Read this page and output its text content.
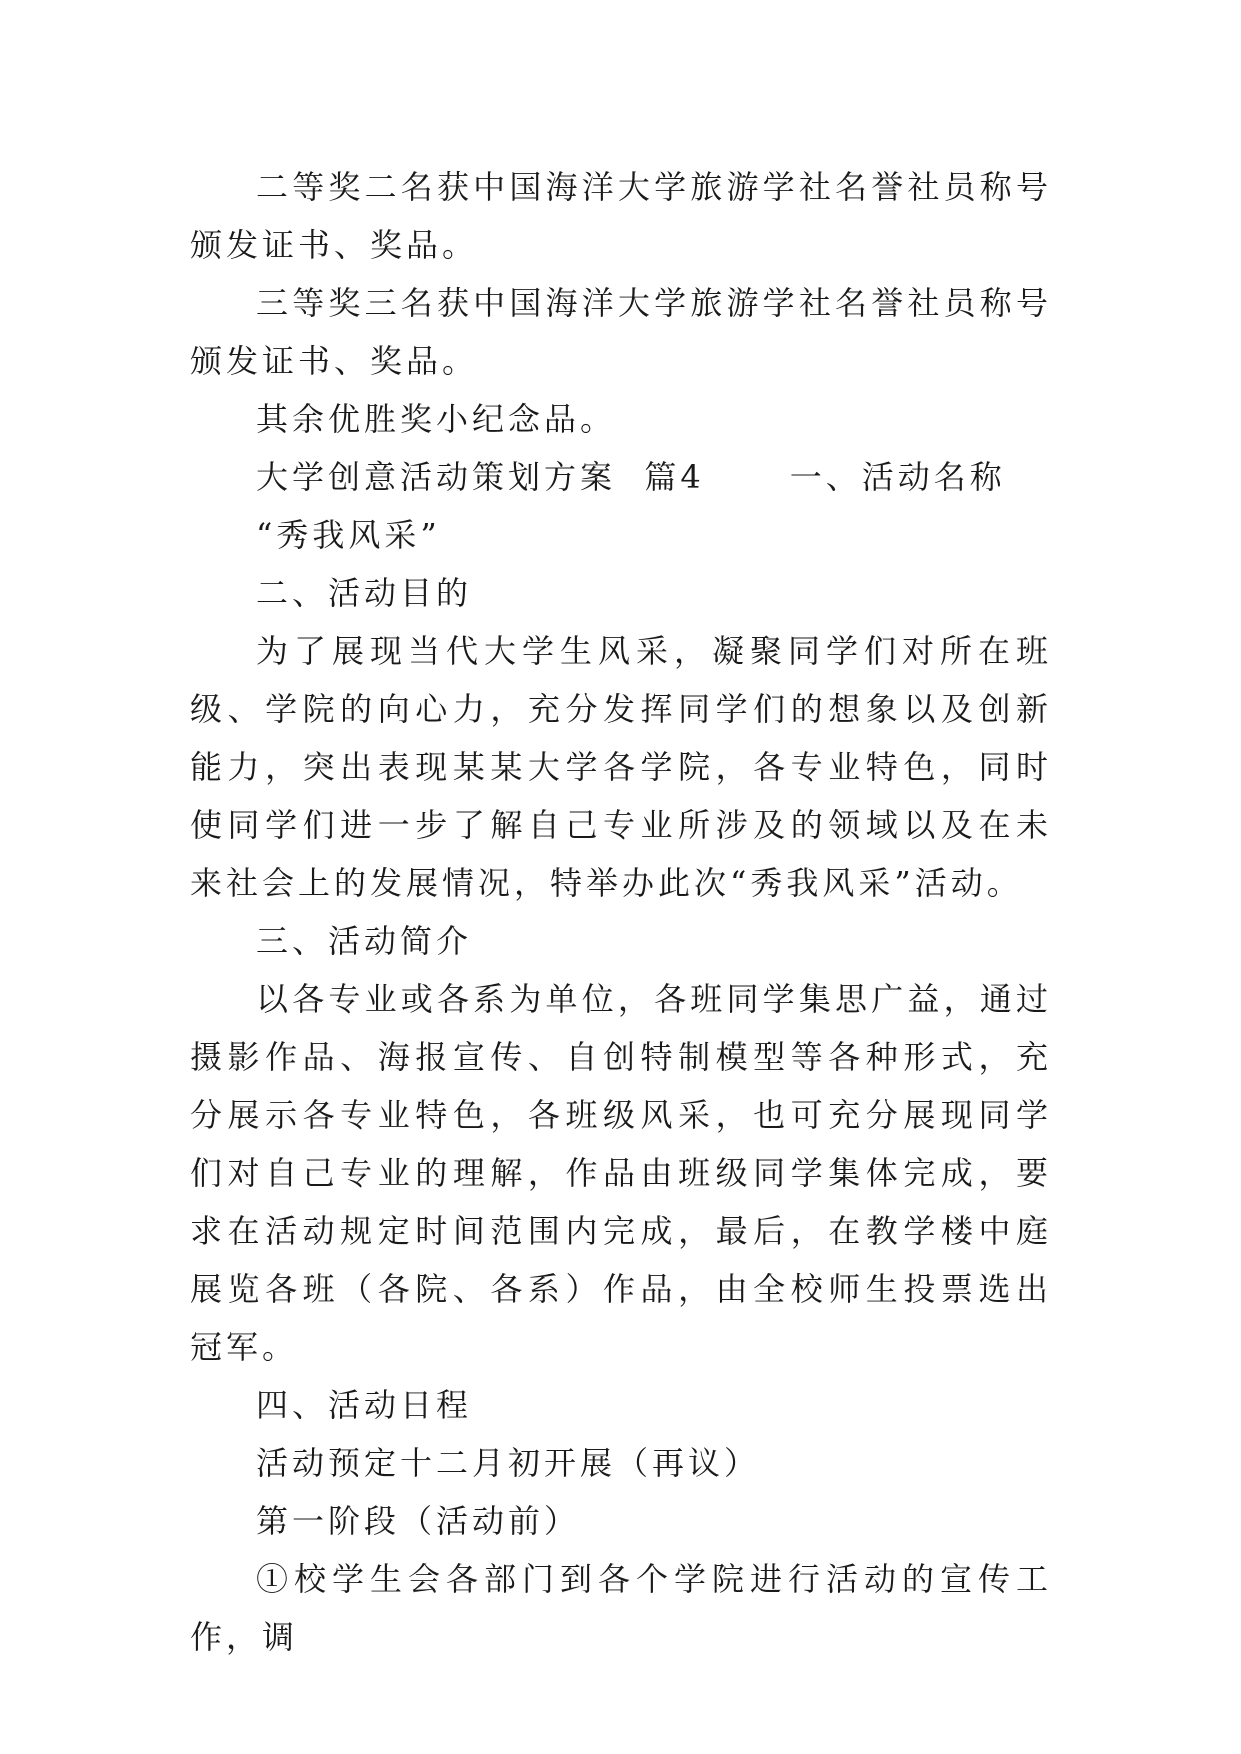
二等奖二名获中国海洋大学旅游学社名誉社员称号颁发证书、奖品。

三等奖三名获中国海洋大学旅游学社名誉社员称号颁发证书、奖品。

其余优胜奖小纪念品。

大学创意活动策划方案  篇4      一、活动名称

“秀我风采”

二、活动目的

为了展现当代大学生风采，凝聚同学们对所在班级、学院的向心力，充分发挥同学们的想象以及创新能力，突出表现某某大学各学院，各专业特色，同时使同学们进一步了解自己专业所涉及的领域以及在未来社会上的发展情况，特举办此次“秀我风采”活动。

三、活动简介

以各专业或各系为单位，各班同学集思广益，通过摄影作品、海报宣传、自创特制模型等各种形式，充分展示各专业特色，各班级风采，也可充分展现同学们对自己专业的理解，作品由班级同学集体完成，要求在活动规定时间范围内完成，最后，在教学楼中庭展览各班（各院、各系）作品，由全校师生投票选出冠军。

四、活动日程

活动预定十二月初开展（再议）

第一阶段（活动前）

①校学生会各部门到各个学院进行活动的宣传工作，调
